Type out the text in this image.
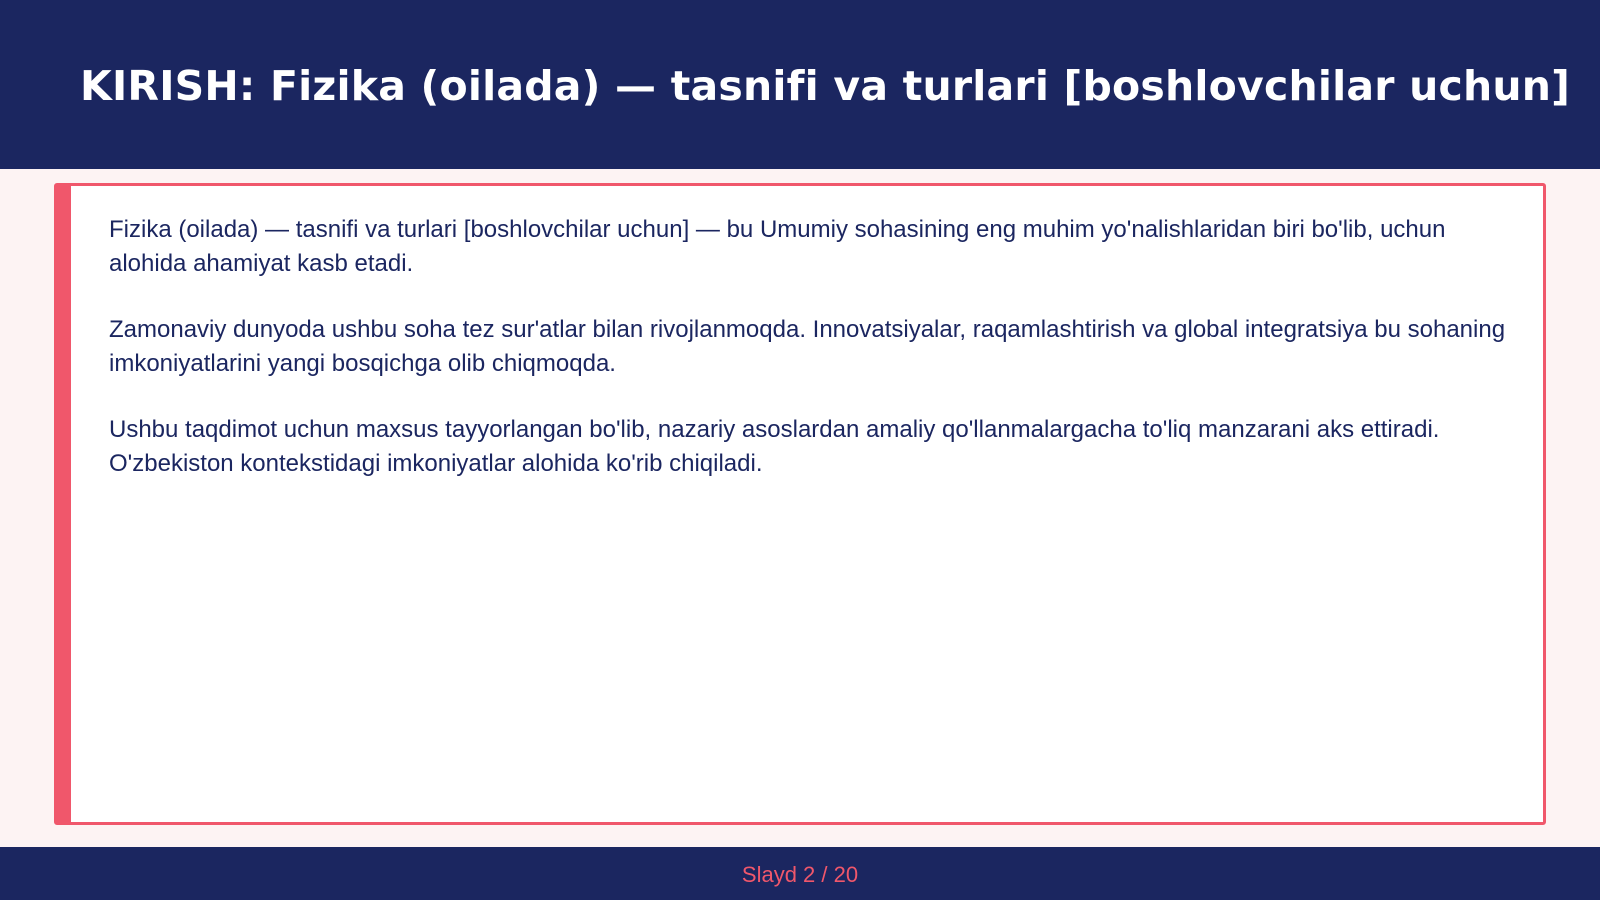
KIRISH: Fizika (oilada) — tasnifi va turlari [boshlovchilar uchun]

Fizika (oilada) — tasnifi va turlari [boshlovchilar uchun] — bu Umumiy sohasining eng muhim yo'nalishlaridan biri bo'lib, uchun alohida ahamiyat kasb etadi.

Zamonaviy dunyoda ushbu soha tez sur'atlar bilan rivojlanmoqda. Innovatsiyalar, raqamlashtirish va global integratsiya bu sohaning imkoniyatlarini yangi bosqichga olib chiqmoqda.

Ushbu taqdimot uchun maxsus tayyorlangan bo'lib, nazariy asoslardan amaliy qo'llanmalargacha to'liq manzarani aks ettiradi. O'zbekiston kontekstidagi imkoniyatlar alohida ko'rib chiqiladi.

Slayd 2 / 20
